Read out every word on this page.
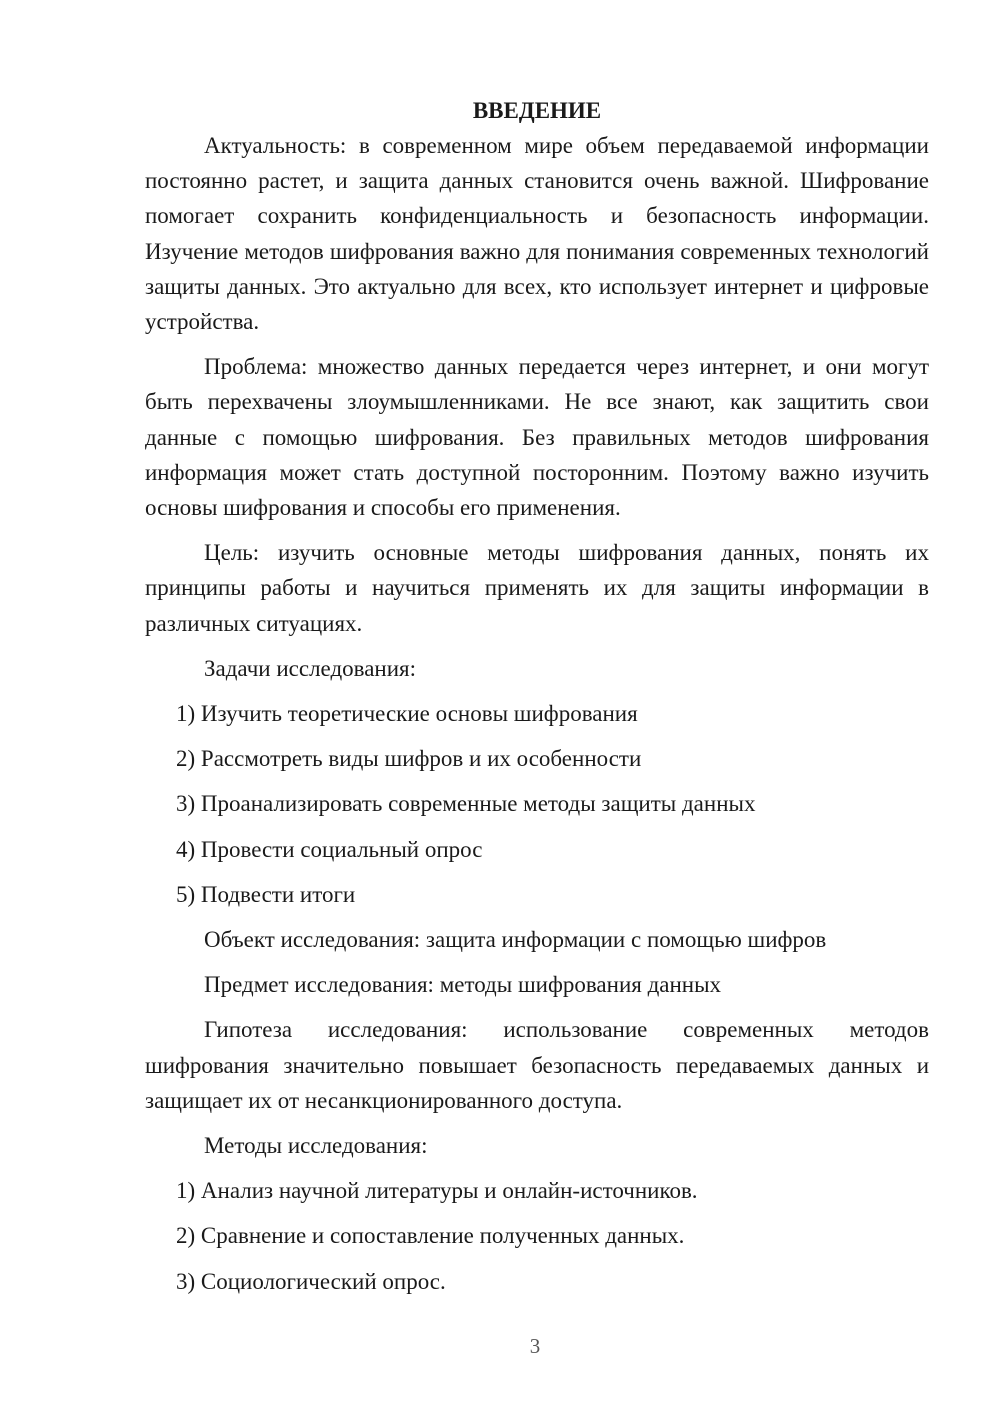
ВВЕДЕНИЕ

Актуальность: в современном мире объем передаваемой информации постоянно растет, и защита данных становится очень важной. Шифрование помогает сохранить конфиденциальность и безопасность информации. Изучение методов шифрования важно для понимания современных технологий защиты данных. Это актуально для всех, кто использует интернет и цифровые устройства.

Проблема: множество данных передается через интернет, и они могут быть перехвачены злоумышленниками. Не все знают, как защитить свои данные с помощью шифрования. Без правильных методов шифрования информация может стать доступной посторонним. Поэтому важно изучить основы шифрования и способы его применения.

Цель: изучить основные методы шифрования данных, понять их принципы работы и научиться применять их для защиты информации в различных ситуациях.

Задачи исследования:

1) Изучить теоретические основы шифрования
2) Рассмотреть виды шифров и их особенности
3) Проанализировать современные методы защиты данных
4) Провести социальный опрос
5) Подвести итоги

Объект исследования: защита информации с помощью шифров

Предмет исследования: методы шифрования данных

Гипотеза исследования: использование современных методов шифрования значительно повышает безопасность передаваемых данных и защищает их от несанкционированного доступа.

Методы исследования:

1) Анализ научной литературы и онлайн-источников.
2) Сравнение и сопоставление полученных данных.
3) Социологический опрос.
3
